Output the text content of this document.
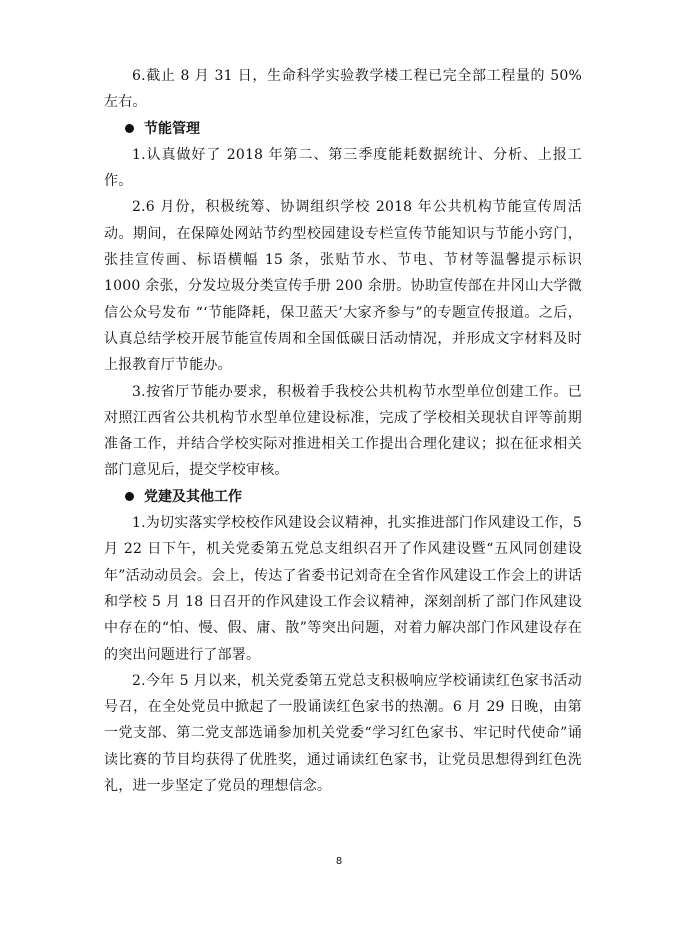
6.截止 8 月 31 日，生命科学实验教学楼工程已完全部工程量的 50%左右。

节能管理

1.认真做好了 2018 年第二、第三季度能耗数据统计、分析、上报工作。

2.6 月份，积极统筹、协调组织学校 2018 年公共机构节能宣传周活动。期间，在保障处网站节约型校园建设专栏宣传节能知识与节能小窍门，张挂宣传画、标语横幅 15 条，张贴节水、节电、节材等温馨提示标识 1000 余张，分发垃圾分类宣传手册 200 余册。协助宣传部在井冈山大学微信公众号发布 “‘节能降耗，保卫蓝天’大家齐参与”的专题宣传报道。之后，认真总结学校开展节能宣传周和全国低碳日活动情况，并形成文字材料及时上报教育厅节能办。

3.按省厅节能办要求，积极着手我校公共机构节水型单位创建工作。已对照江西省公共机构节水型单位建设标准，完成了学校相关现状自评等前期准备工作，并结合学校实际对推进相关工作提出合理化建议；拟在征求相关部门意见后，提交学校审核。

党建及其他工作

1.为切实落实学校校作风建设会议精神，扎实推进部门作风建设工作，5 月 22 日下午，机关党委第五党总支组织召开了作风建设暨“五风同创建设年”活动动员会。会上，传达了省委书记刘奇在全省作风建设工作会上的讲话和学校 5 月 18 日召开的作风建设工作会议精神，深刻剖析了部门作风建设中存在的“怕、慢、假、庸、散”等突出问题，对着力解决部门作风建设存在的突出问题进行了部署。

2.今年 5 月以来，机关党委第五党总支积极响应学校诵读红色家书活动号召，在全处党员中掀起了一股诵读红色家书的热潮。6 月 29 日晚，由第一党支部、第二党支部选诵参加机关党委“学习红色家书、牢记时代使命”诵读比赛的节目均获得了优胜奖，通过诵读红色家书，让党员思想得到红色洗礼，进一步坚定了党员的理想信念。

8
